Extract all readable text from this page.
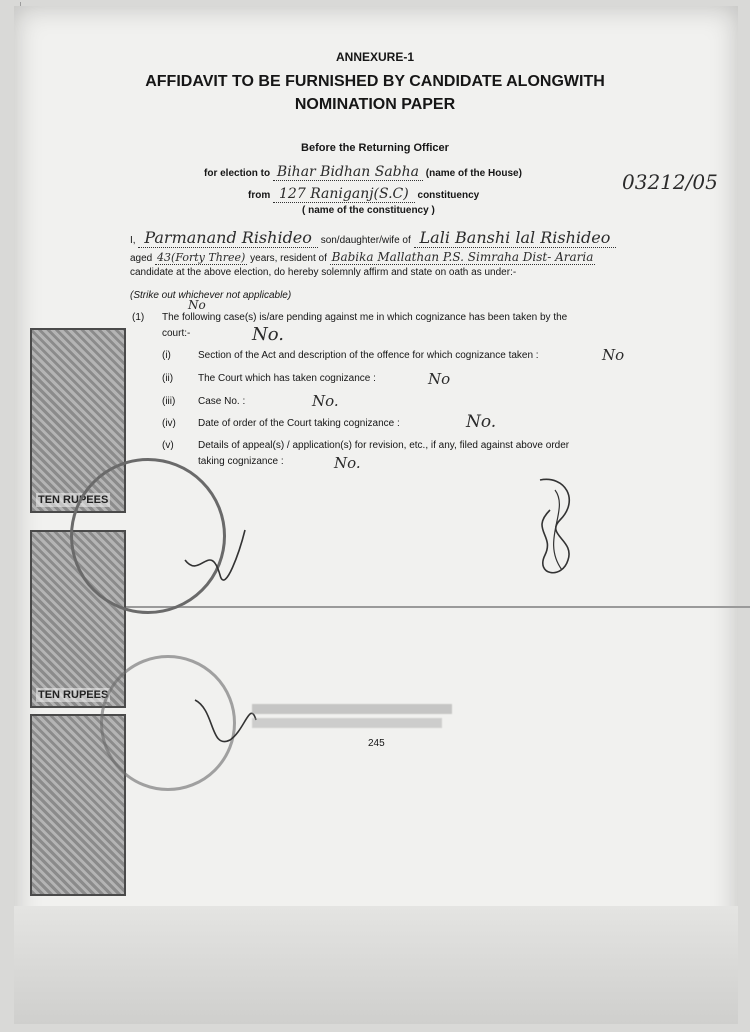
TEN RUPEES
TEN RUPEES
ANNEXURE-1
AFFIDAVIT TO BE FURNISHED BY CANDIDATE ALONGWITH
NOMINATION PAPER
Before the Returning Officer
for election to Bihar Bidhan Sabha (name of the House)
from 127 Raniganj(S.C) constituency
03212/05
( name of the constituency )
I, Parmanand Rishideo son/daughter/wife of Lali Banshi lal Rishideo
aged 43(Forty Three) years, resident of Babika Mallathan P.S. Simraha Dist- Araria
candidate at the above election, do hereby solemnly affirm and state on oath as under:-
(Strike out whichever not applicable)
No
(1) The following case(s) is/are pending against me in which cognizance has been taken by the
court:-	No.
(i)	Section of the Act and description of the offence for which cognizance taken :	No
(ii) The Court which has taken cognizance :	No
(iii) Case No. :	No.
(iv) Date of order of the Court taking cognizance :	No.
(v) Details of appeal(s) / application(s) for revision, etc., if any, filed against above order
taking cognizance :	No.
245
